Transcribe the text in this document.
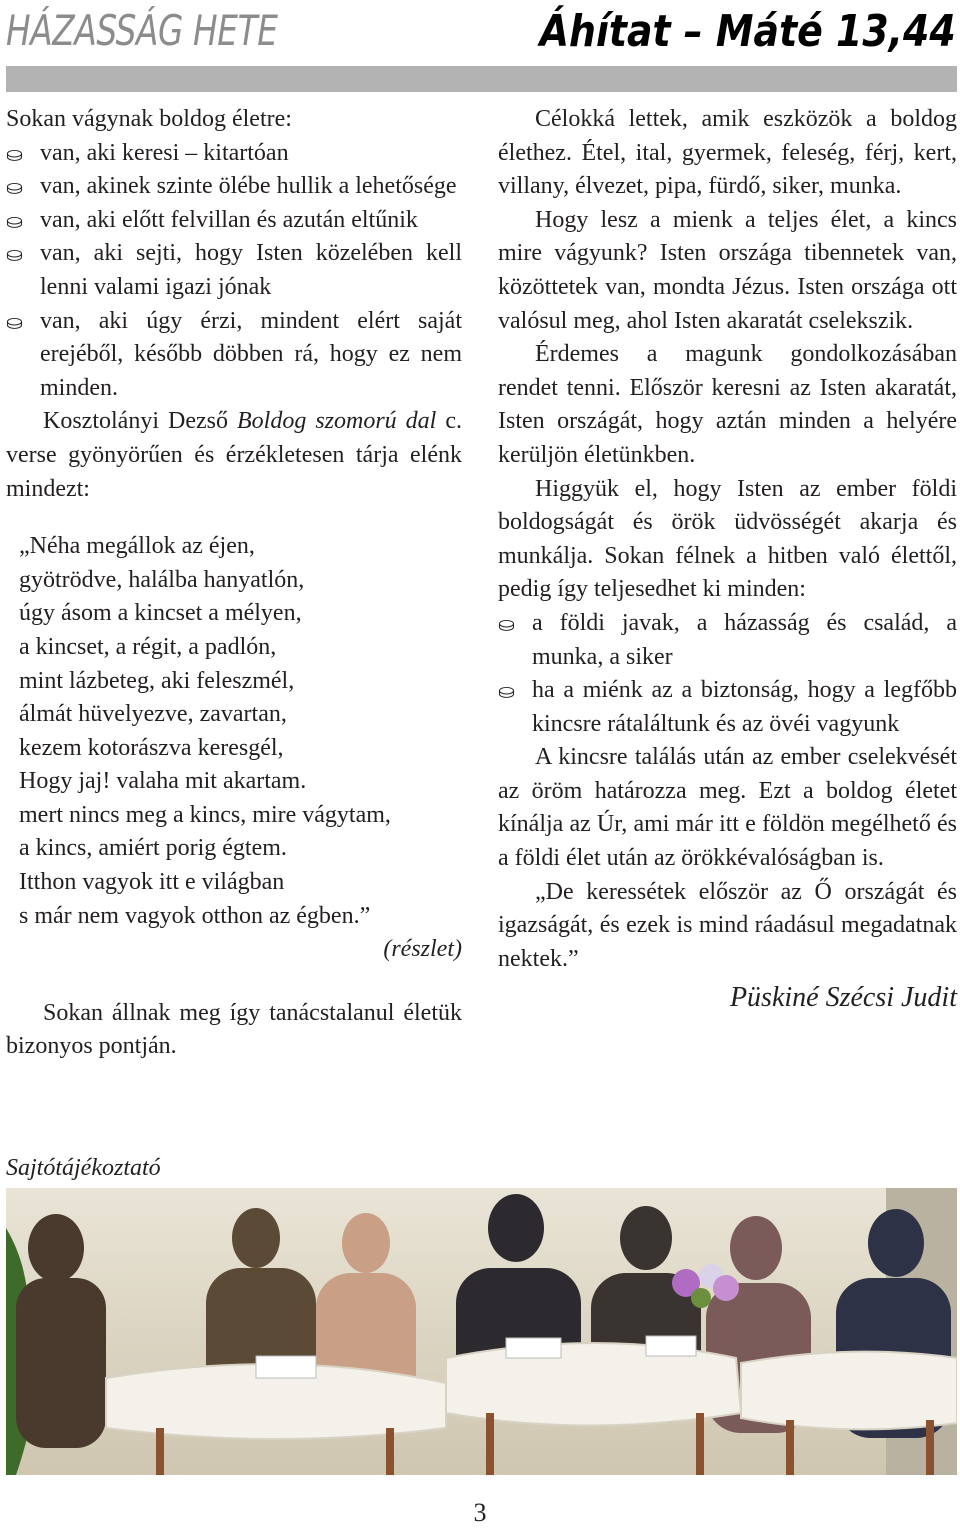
HÁZASSÁG HETE	Áhítat – Máté 13,44

Sokan vágynak boldog életre:

⛀ van, aki keresi – kitartóan
⛀ van, akinek szinte ölébe hullik a lehetősége
⛀ van, aki előtt felvillan és azután eltűnik
⛀ van, aki sejti, hogy Isten közelében kell lenni valami igazi jónak
⛀ van, aki úgy érzi, mindent elért saját erejéből, később döbben rá, hogy ez nem minden.

Kosztolányi Dezső Boldog szomorú dal c. verse gyönyörűen és érzékletesen tárja elénk mindezt:

„Néha megállok az éjen,
gyötrödve, halálba hanyatlón,
úgy ásom a kincset a mélyen,
a kincset, a régit, a padlón,
mint lázbeteg, aki feleszmél,
álmát hüvelyezve, zavartan,
kezem kotorászva keresgél,
Hogy jaj! valaha mit akartam.
mert nincs meg a kincs, mire vágytam,
a kincs, amiért porig égtem.
Itthon vagyok itt e világban
s már nem vagyok otthon az égben.”
(részlet)

Sokan állnak meg így tanácstalanul életük bizonyos pontján.

Célokká lettek, amik eszközök a boldog élethez. Étel, ital, gyermek, feleség, férj, kert, villany, élvezet, pipa, fürdő, siker, munka.

Hogy lesz a mienk a teljes élet, a kincs mire vágyunk? Isten országa tibennetek van, közöttetek van, mondta Jézus. Isten országa ott valósul meg, ahol Isten akaratát cselekszik.

Érdemes a magunk gondolkozásában rendet tenni. Először keresni az Isten akaratát, Isten országát, hogy aztán minden a helyére kerüljön életünkben.

Higgyük el, hogy Isten az ember földi boldogságát és örök üdvösségét akarja és munkálja. Sokan félnek a hitben való élettől, pedig így teljesedhet ki minden:

⛀ a földi javak, a házasság és család, a munka, a siker
⛀ ha a miénk az a biztonság, hogy a legfőbb kincsre rátaláltunk és az övéi vagyunk

A kincsre találás után az ember cselekvését az öröm határozza meg. Ezt a boldog életet kínálja az Úr, ami már itt e földön megélhető és a földi élet után az örökkévalóságban is.

„De keressétek először az Ő országát és igazságát, és ezek is mind ráadásul megadatnak nektek.”

Püskiné Szécsi Judit
Sajtótájékoztató
3
